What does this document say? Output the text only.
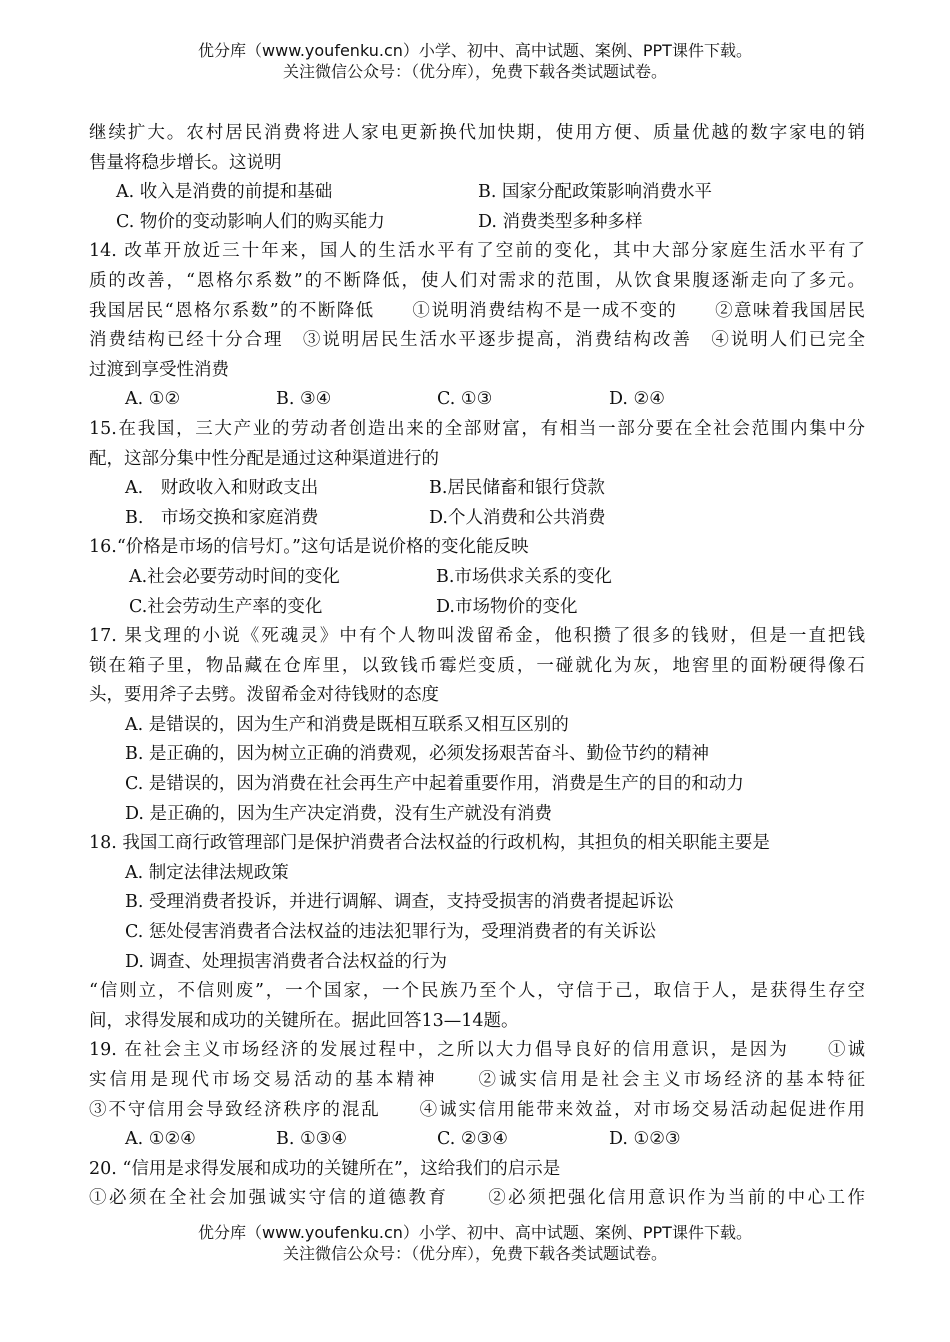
优分库（www.youfenku.cn）小学、初中、高中试题、案例、PPT课件下载。
关注微信公众号：（优分库），免费下载各类试题试卷。
继续扩大。农村居民消费将进人家电更新换代加快期，使用方便、质量优越的数字家电的销
售量将稳步增长。这说明
A. 收入是消费的前提和基础	B. 国家分配政策影响消费水平
C. 物价的变动影响人们的购买能力	D. 消费类型多种多样
14. 改革开放近三十年来，国人的生活水平有了空前的变化，其中大部分家庭生活水平有了
质的改善，“恩格尔系数”的不断降低，使人们对需求的范围，从饮食果腹逐渐走向了多元。
我国居民“恩格尔系数”的不断降低　　①说明消费结构不是一成不变的　　②意味着我国居民
消费结构已经十分合理　③说明居民生活水平逐步提高，消费结构改善　④说明人们已完全
过渡到享受性消费
A. ①②	B. ③④	C. ①③	D. ②④
15.在我国，三大产业的劳动者创造出来的全部财富，有相当一部分要在全社会范围内集中分
配，这部分集中性分配是通过这种渠道进行的
A.　财政收入和财政支出	B.居民储畜和银行贷款
B.　市场交换和家庭消费	D.个人消费和公共消费
16.“价格是市场的信号灯。”这句话是说价格的变化能反映
A.社会必要劳动时间的变化	B.市场供求关系的变化
C.社会劳动生产率的变化	D.市场物价的变化
17. 果戈理的小说《死魂灵》中有个人物叫泼留希金，他积攒了很多的钱财，但是一直把钱
锁在箱子里，物品藏在仓库里，以致钱币霉烂变质，一碰就化为灰，地窖里的面粉硬得像石
头，要用斧子去劈。泼留希金对待钱财的态度
A. 是错误的，因为生产和消费是既相互联系又相互区别的
B. 是正确的，因为树立正确的消费观，必须发扬艰苦奋斗、勤俭节约的精神
C. 是错误的，因为消费在社会再生产中起着重要作用，消费是生产的目的和动力
D. 是正确的，因为生产决定消费，没有生产就没有消费
18. 我国工商行政管理部门是保护消费者合法权益的行政机构，其担负的相关职能主要是
A. 制定法律法规政策
B. 受理消费者投诉，并进行调解、调查，支持受损害的消费者提起诉讼
C. 惩处侵害消费者合法权益的违法犯罪行为，受理消费者的有关诉讼
D. 调查、处理损害消费者合法权益的行为
“信则立，不信则废”，一个国家，一个民族乃至个人，守信于己，取信于人，是获得生存空
间，求得发展和成功的关键所在。据此回答13—14题。
19. 在社会主义市场经济的发展过程中，之所以大力倡导良好的信用意识，是因为　　①诚
实信用是现代市场交易活动的基本精神　　②诚实信用是社会主义市场经济的基本特征
③不守信用会导致经济秩序的混乱　　④诚实信用能带来效益，对市场交易活动起促进作用
A. ①②④	B. ①③④	C. ②③④	D. ①②③
20. “信用是求得发展和成功的关键所在”，这给我们的启示是
①必须在全社会加强诚实守信的道德教育　　②必须把强化信用意识作为当前的中心工作
优分库（www.youfenku.cn）小学、初中、高中试题、案例、PPT课件下载。
关注微信公众号：（优分库），免费下载各类试题试卷。
